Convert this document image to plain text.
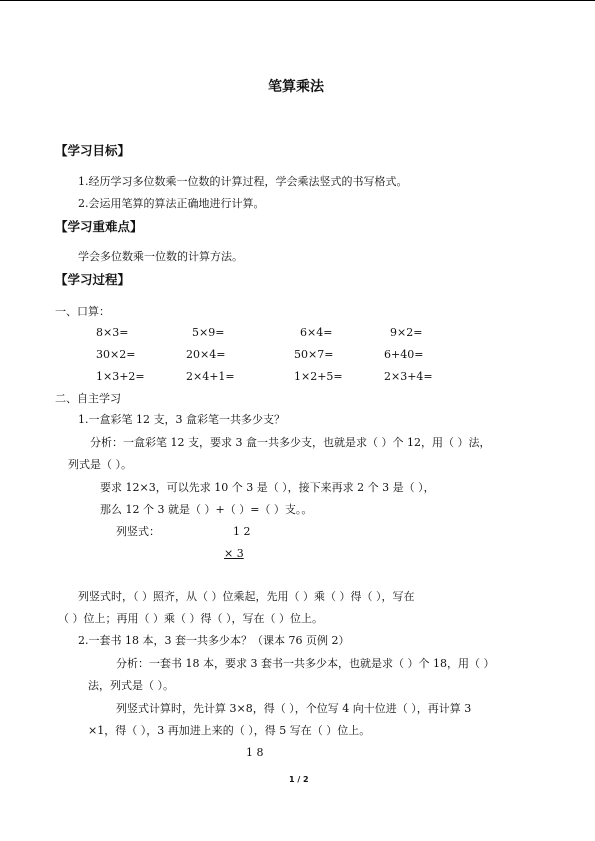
笔算乘法
【学习目标】
1.经历学习多位数乘一位数的计算过程，学会乘法竖式的书写格式。
2.会运用笔算的算法正确地进行计算。
【学习重难点】
学会多位数乘一位数的计算方法。
【学习过程】
一、口算：
8×3=	5×9=	6×4=	9×2=
30×2=	20×4=	50×7=	6+40=
1×3+2=	2×4+1=	1×2+5=	2×3+4=
二、自主学习
1.一盒彩笔 12 支，3 盒彩笔一共多少支？
分析：一盒彩笔 12 支，要求 3 盒一共多少支，也就是求（ ）个 12，用（ ）法，
列式是（ ）。
要求 12×3，可以先求 10 个 3 是（ ），接下来再求 2 个 3 是（ ），
那么 12 个 3 就是（ ）+（ ）=（ ）支。。
列竖式：	1 2
× 3
列竖式时，（ ）照齐，从（ ）位乘起，先用（ ）乘（ ）得（ ），写在
（ ）位上；再用（ ）乘（ ）得（ ），写在（ ）位上。
2.一套书 18 本，3 套一共多少本？（课本 76 页例 2）
分析：一套书 18 本，要求 3 套书一共多少本，也就是求（ ）个 18，用（ ）
法，列式是（ ）。
列竖式计算时，先计算 3×8，得（ ），个位写 4 向十位进（ ），再计算 3
×1，得（ ），3 再加进上来的（ ），得 5 写在（ ）位上。
1 8
1 / 2
